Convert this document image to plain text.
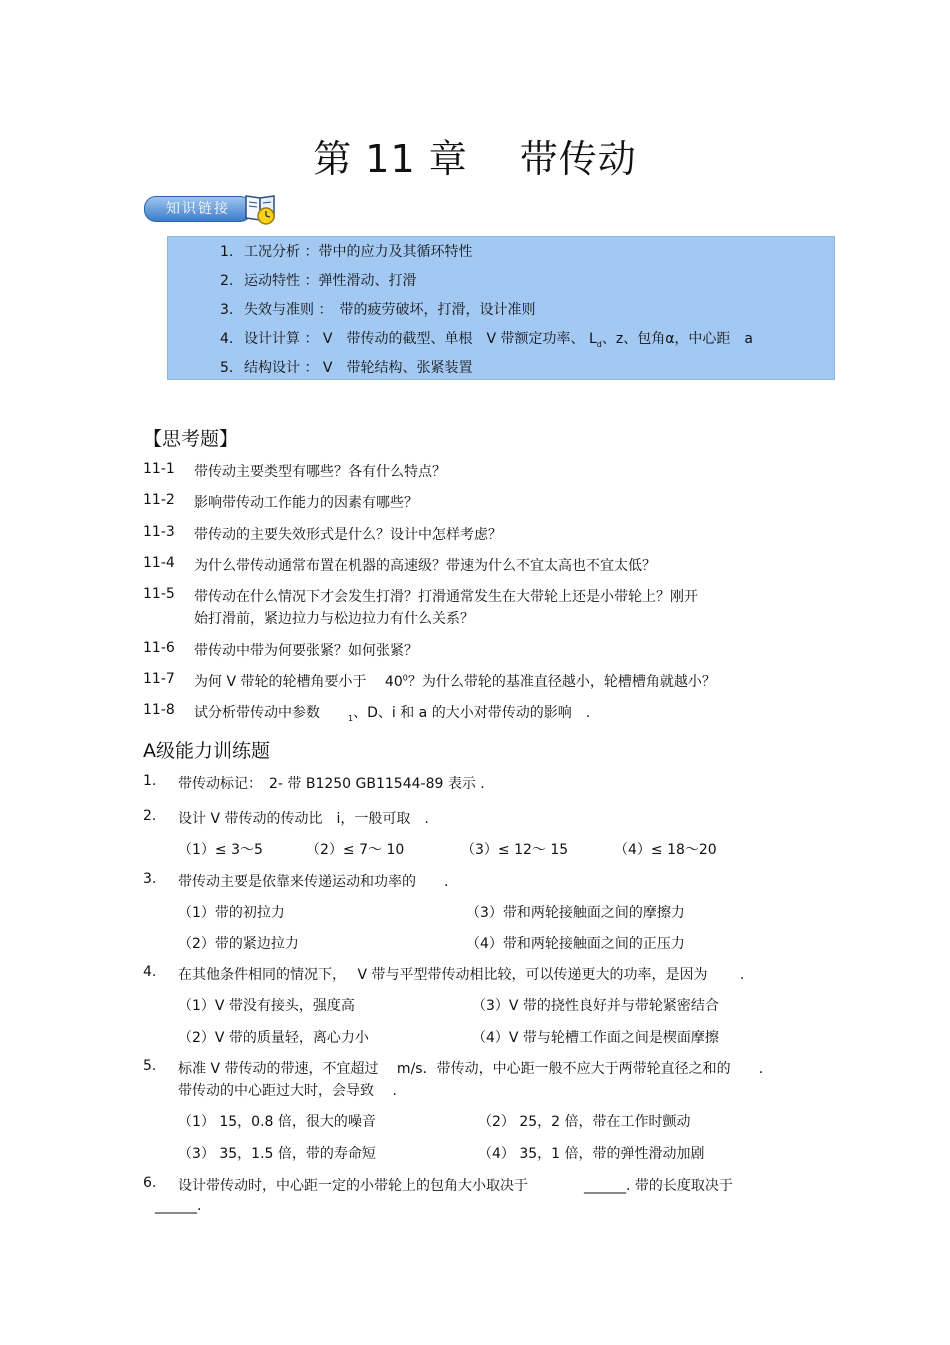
第 11 章　 带传动
知识链接
1. 工况分析 ：带中的应力及其循环特性
2. 运动特性 ：弹性滑动、打滑
3. 失效与准则 ：　带的疲劳破坏，打滑，设计准则
4. 设计计算 ： V　带传动的截型、单根　V 带额定功率、 $L_d$、z、包角α，中心距　a
5. 结构设计 ： V　带轮结构、张紧装置
【思考题】
11-1 带传动主要类型有哪些？各有什么特点？
11-2 影响带传动工作能力的因素有哪些？
11-3 带传动的主要失效形式是什么？设计中怎样考虑？
11-4 为什么带传动通常布置在机器的高速级？带速为什么不宜太高也不宜太低？
11-5 带传动在什么情况下才会发生打滑？打滑通常发生在大带轮上还是小带轮上？刚开
始打滑前，紧边拉力与松边拉力有什么关系？
11-6 带传动中带为何要张紧？如何张紧？
11-7 为何 V 带轮的轮槽角要小于　 $40^0$？为什么带轮的基准直径越小，轮槽槽角就越小？
11-8 试分析带传动中参数　　$_1$、D、i 和 a 的大小对带传动的影响　.
A级能力训练题
1. 带传动标记：　2- 带 B1250 GB11544-89 表示 .
2. 设计 V 带传动的传动比　i，一般可取　.
（1）≤ 3～5	（2）≤ 7～ 10	（3）≤ 12～ 15	（4）≤ 18～20
3. 带传动主要是依靠来传递运动和功率的　　.
（1）带的初拉力	（3）带和两轮接触面之间的摩擦力
（2）带的紧边拉力	（4）带和两轮接触面之间的正压力
4. 在其他条件相同的情况下，　 V 带与平型带传动相比较，可以传递更大的功率，是因为　　 .
（1）V 带没有接头，强度高	（3）V 带的挠性良好并与带轮紧密结合
（2）V 带的质量轻，离心力小	（4）V 带与轮槽工作面之间是楔面摩擦
5. 标准 V 带传动的带速，不宜超过　 m/s．带传动，中心距一般不应大于两带轮直径之和的　　.
带传动的中心距过大时，会导致　 .
（1） 15，0.8 倍，很大的噪音	（2） 25，2 倍，带在工作时颤动
（3） 35，1.5 倍，带的寿命短	（4） 35，1 倍，带的弹性滑动加剧
6. 设计带传动时，中心距一定的小带轮上的包角大小取决于　　　　______. 带的长度取决于
______.
